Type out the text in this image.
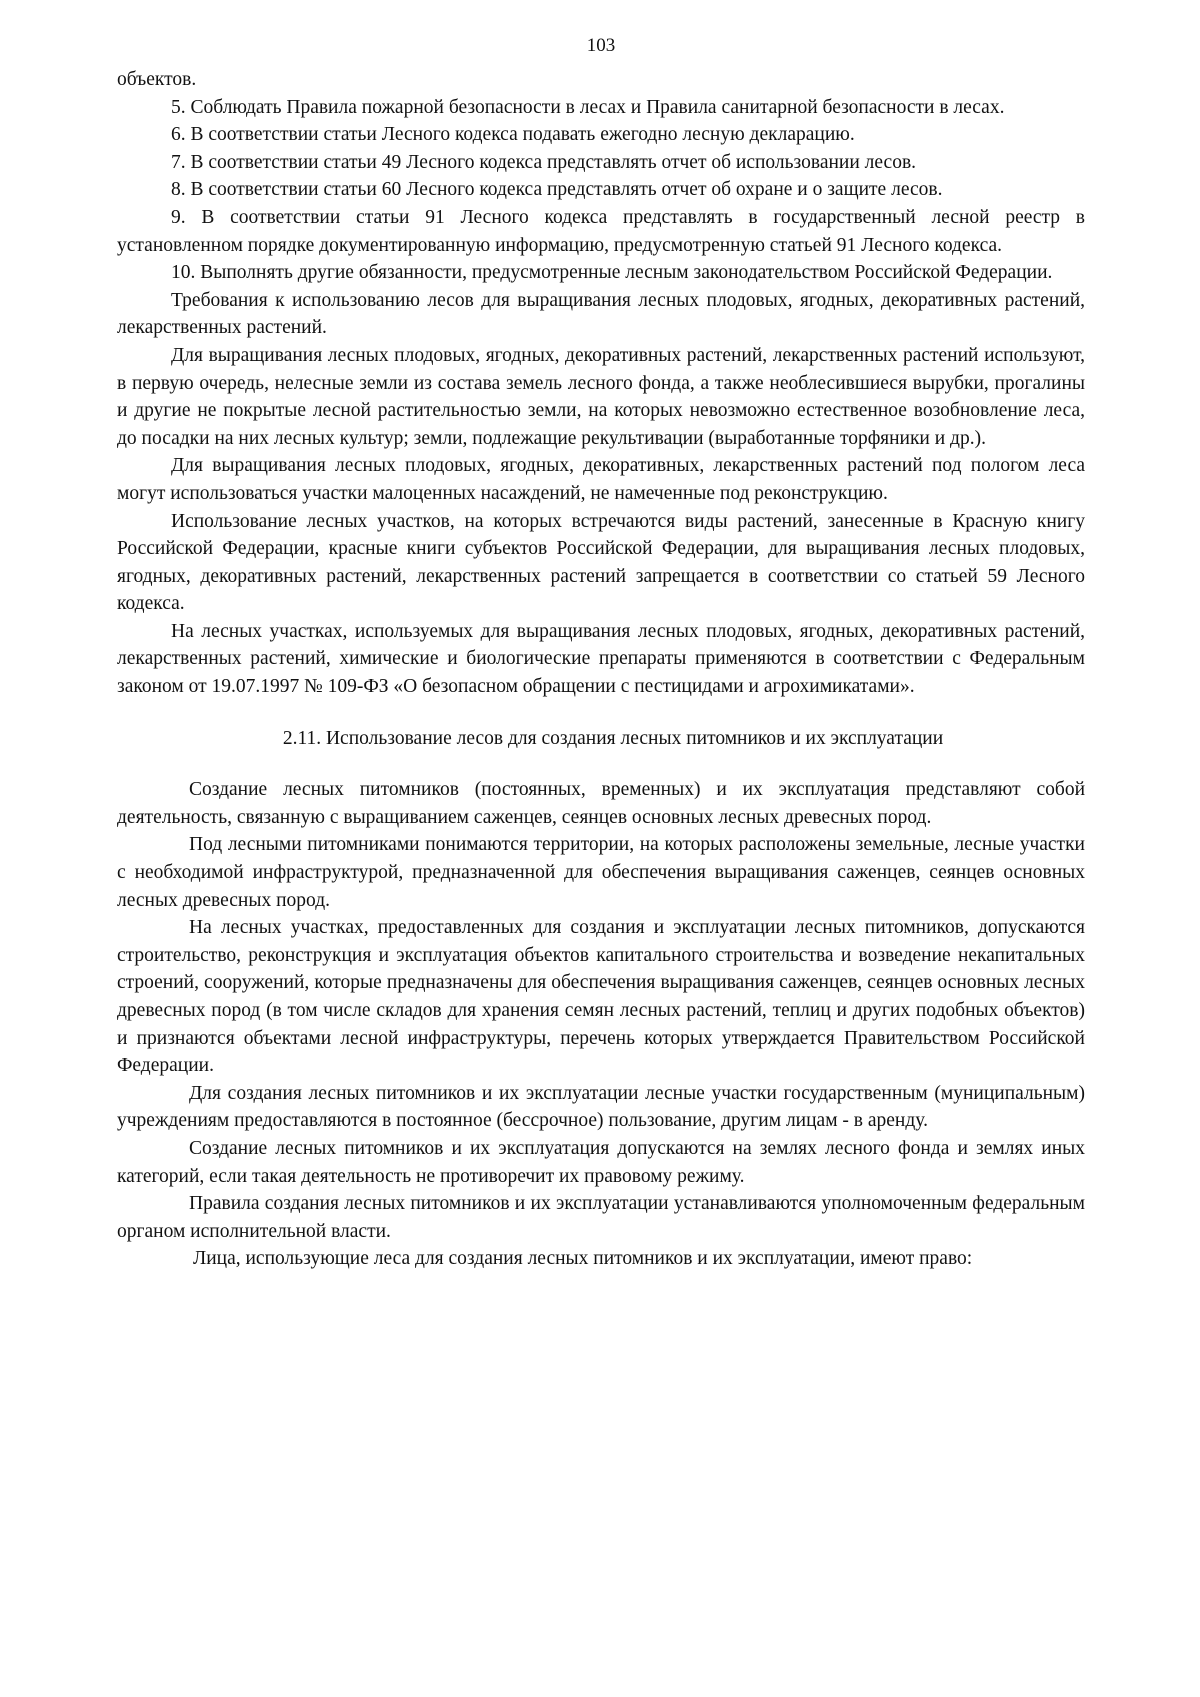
103

объектов.

5. Соблюдать Правила пожарной безопасности в лесах и Правила санитарной безопасности в лесах.

6. В соответствии статьи Лесного кодекса подавать ежегодно лесную декларацию.

7. В соответствии статьи 49 Лесного кодекса представлять отчет об использовании лесов.

8. В соответствии статьи 60 Лесного кодекса представлять отчет об охране и о защите лесов.

9. В соответствии статьи 91 Лесного кодекса представлять в государственный лесной реестр в установленном порядке документированную информацию, предусмотренную статьей 91 Лесного кодекса.

10. Выполнять другие обязанности, предусмотренные лесным законодательством Российской Федерации.

Требования к использованию лесов для выращивания лесных плодовых, ягодных, декоративных растений, лекарственных растений.

Для выращивания лесных плодовых, ягодных, декоративных растений, лекарственных растений используют, в первую очередь, нелесные земли из состава земель лесного фонда, а также необлесившиеся вырубки, прогалины и другие не покрытые лесной растительностью земли, на которых невозможно естественное возобновление леса, до посадки на них лесных культур; земли, подлежащие рекультивации (выработанные торфяники и др.).

Для выращивания лесных плодовых, ягодных, декоративных, лекарственных растений под пологом леса могут использоваться участки малоценных насаждений, не намеченные под реконструкцию.

Использование лесных участков, на которых встречаются виды растений, занесенные в Красную книгу Российской Федерации, красные книги субъектов Российской Федерации, для выращивания лесных плодовых, ягодных, декоративных растений, лекарственных растений запрещается в соответствии со статьей 59 Лесного кодекса.

На лесных участках, используемых для выращивания лесных плодовых, ягодных, декоративных растений, лекарственных растений, химические и биологические препараты применяются в соответствии с Федеральным законом от 19.07.1997 № 109-ФЗ «О безопасном обращении с пестицидами и агрохимикатами».

2.11. Использование лесов для создания лесных питомников и их эксплуатации

Создание лесных питомников (постоянных, временных) и их эксплуатация представляют собой деятельность, связанную с выращиванием саженцев, сеянцев основных лесных древесных пород.

Под лесными питомниками понимаются территории, на которых расположены земельные, лесные участки с необходимой инфраструктурой, предназначенной для обеспечения выращивания саженцев, сеянцев основных лесных древесных пород.

На лесных участках, предоставленных для создания и эксплуатации лесных питомников, допускаются строительство, реконструкция и эксплуатация объектов капитального строительства и возведение некапитальных строений, сооружений, которые предназначены для обеспечения выращивания саженцев, сеянцев основных лесных древесных пород (в том числе складов для хранения семян лесных растений, теплиц и других подобных объектов) и признаются объектами лесной инфраструктуры, перечень которых утверждается Правительством Российской Федерации.

Для создания лесных питомников и их эксплуатации лесные участки государственным (муниципальным) учреждениям предоставляются в постоянное (бессрочное) пользование, другим лицам - в аренду.

Создание лесных питомников и их эксплуатация допускаются на землях лесного фонда и землях иных категорий, если такая деятельность не противоречит их правовому режиму.

Правила создания лесных питомников и их эксплуатации устанавливаются уполномоченным федеральным органом исполнительной власти.

Лица, использующие леса для создания лесных питомников и их эксплуатации, имеют право:
